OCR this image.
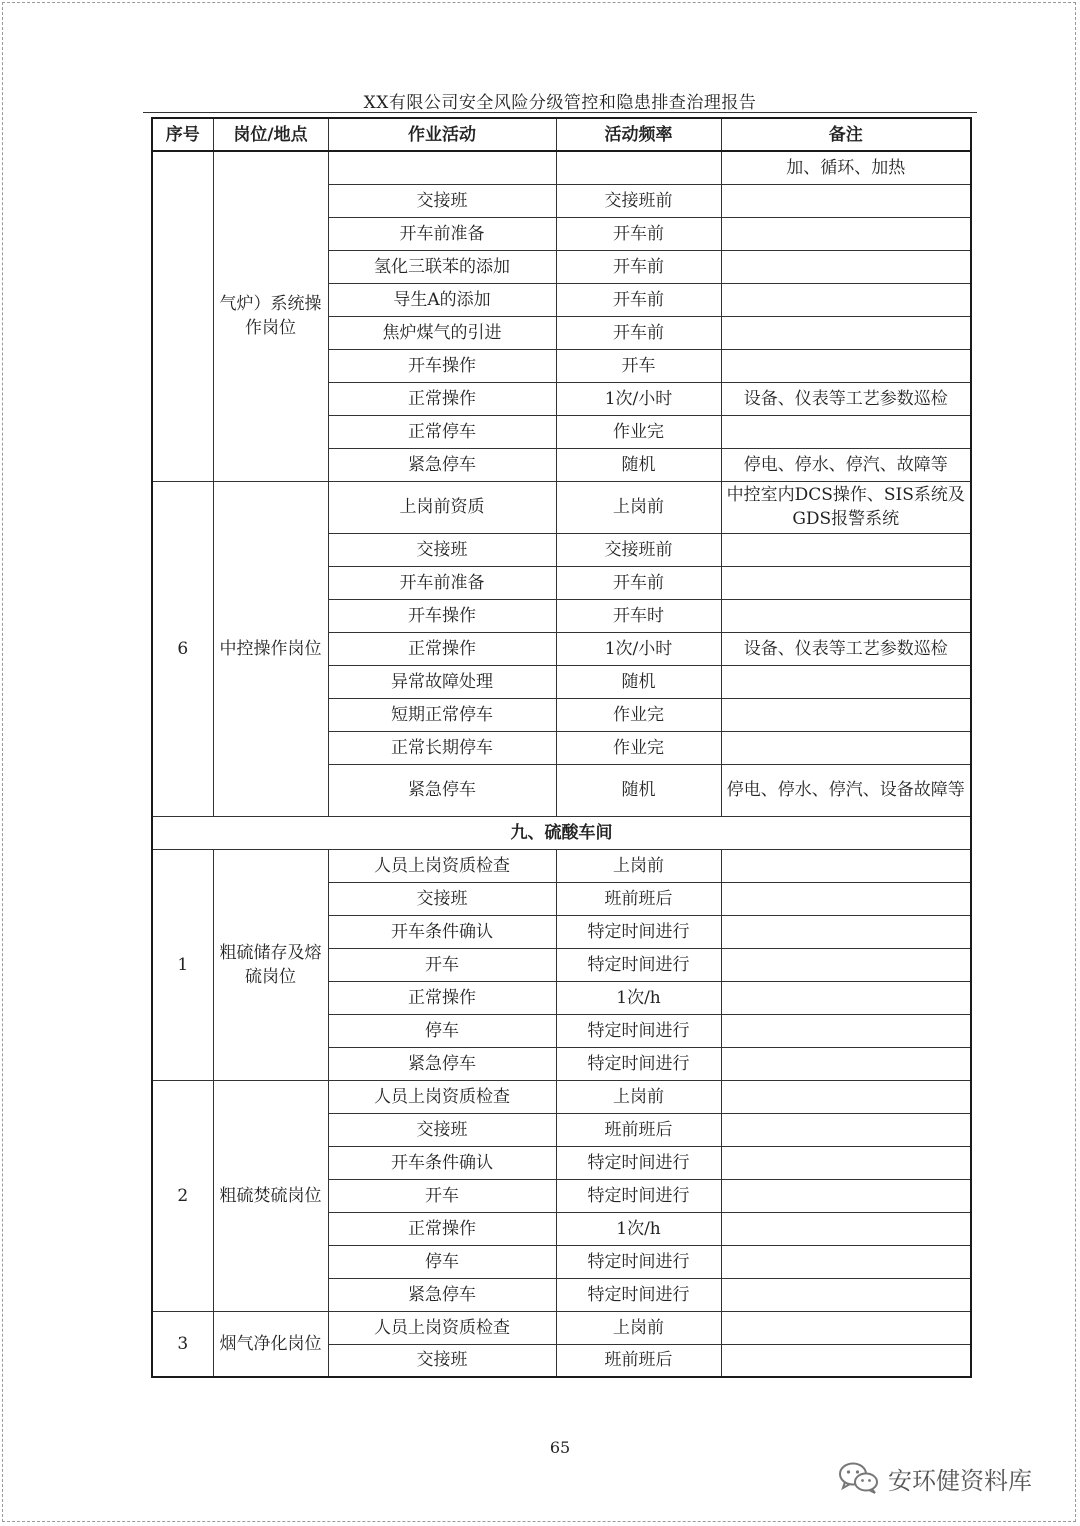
XX有限公司安全风险分级管控和隐患排查治理报告
序号	岗位/地点	作业活动	活动频率	备注
	气炉）系统操作岗位			加、循环、加热
		交接班	交接班前	
		开车前准备	开车前	
		氢化三联苯的添加	开车前	
		导生A的添加	开车前	
		焦炉煤气的引进	开车前	
		开车操作	开车	
		正常操作	1次/小时	设备、仪表等工艺参数巡检
		正常停车	作业完	
		紧急停车	随机	停电、停水、停汽、故障等
6	中控操作岗位	上岗前资质	上岗前	中控室内DCS操作、SIS系统及GDS报警系统
		交接班	交接班前	
		开车前准备	开车前	
		开车操作	开车时	
		正常操作	1次/小时	设备、仪表等工艺参数巡检
		异常故障处理	随机	
		短期正常停车	作业完	
		正常长期停车	作业完	
		紧急停车	随机	停电、停水、停汽、设备故障等
九、硫酸车间				
1	粗硫储存及熔硫岗位	人员上岗资质检查	上岗前	
		交接班	班前班后	
		开车条件确认	特定时间进行	
		开车	特定时间进行	
		正常操作	1次/h	
		停车	特定时间进行	
		紧急停车	特定时间进行	
2	粗硫焚硫岗位	人员上岗资质检查	上岗前	
		交接班	班前班后	
		开车条件确认	特定时间进行	
		开车	特定时间进行	
		正常操作	1次/h	
		停车	特定时间进行	
		紧急停车	特定时间进行	
3	烟气净化岗位	人员上岗资质检查	上岗前	
		交接班	班前班后	
65
安环健资料库
